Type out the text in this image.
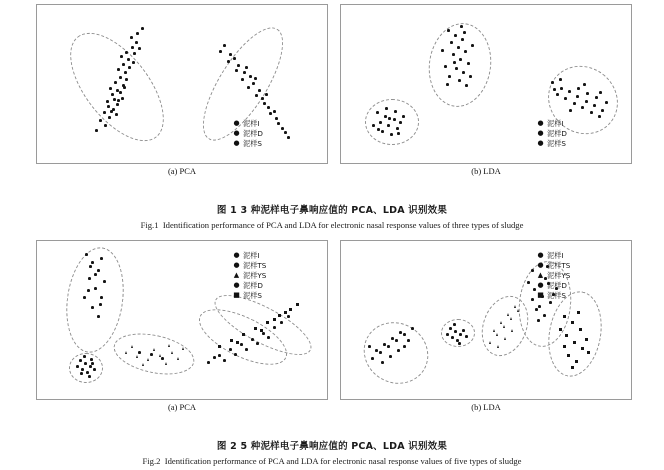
● 泥样I
● 泥样D
● 泥样S
(a) PCA
● 泥样I
● 泥样D
● 泥样S
(b) LDA
图 1 3 种泥样电子鼻响应值的 PCA、LDA 识别效果
Fig.1 Identification performance of PCA and LDA for electronic nasal response values of three types of sludge
● 泥样I
● 泥样TS
▲ 泥样YS
● 泥样D
■ 泥样S
(a) PCA
● 泥样I
● 泥样TS
▲ 泥样YS
● 泥样D
■ 泥样S
(b) LDA
图 2 5 种泥样电子鼻响应值的 PCA、LDA 识别效果
Fig.2 Identification performance of PCA and LDA for electronic nasal response values of five types of sludge
